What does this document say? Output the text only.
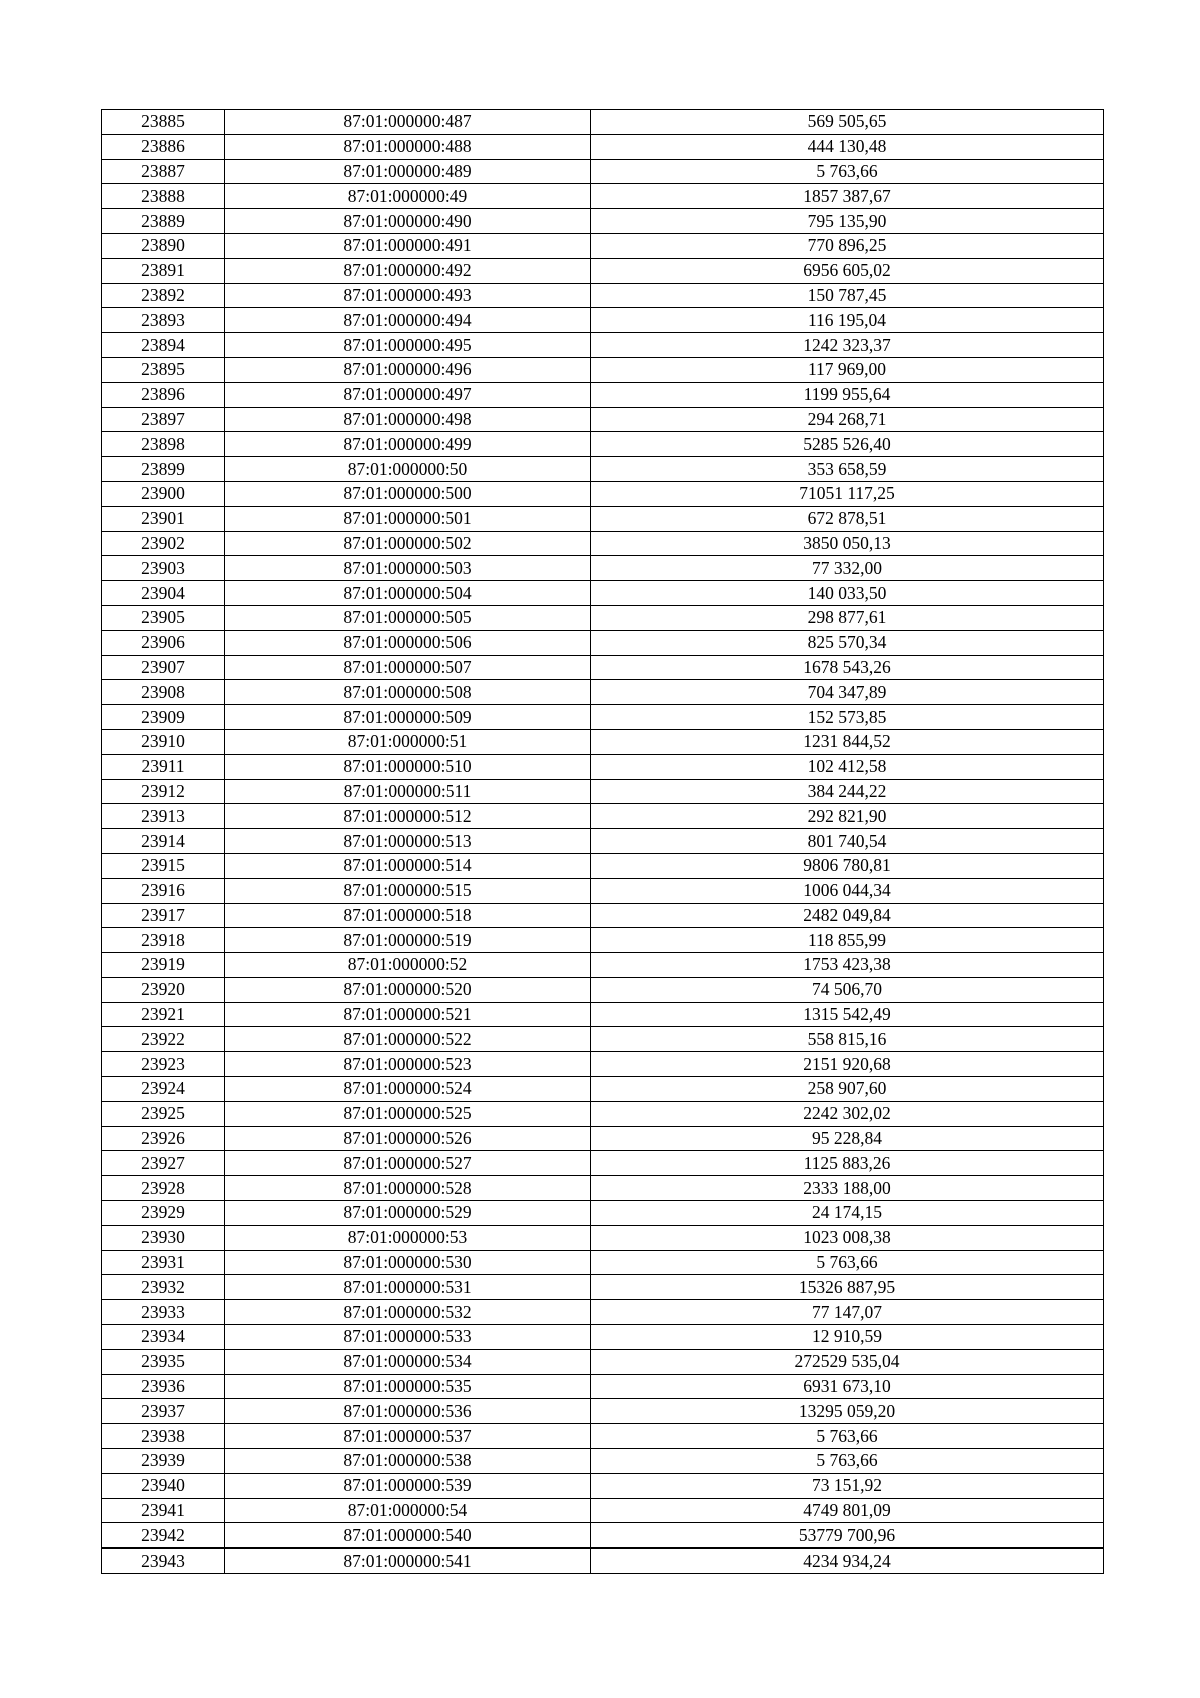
23885	87:01:000000:487	569 505,65
23886	87:01:000000:488	444 130,48
23887	87:01:000000:489	5 763,66
23888	87:01:000000:49	1857 387,67
23889	87:01:000000:490	795 135,90
23890	87:01:000000:491	770 896,25
23891	87:01:000000:492	6956 605,02
23892	87:01:000000:493	150 787,45
23893	87:01:000000:494	116 195,04
23894	87:01:000000:495	1242 323,37
23895	87:01:000000:496	117 969,00
23896	87:01:000000:497	1199 955,64
23897	87:01:000000:498	294 268,71
23898	87:01:000000:499	5285 526,40
23899	87:01:000000:50	353 658,59
23900	87:01:000000:500	71051 117,25
23901	87:01:000000:501	672 878,51
23902	87:01:000000:502	3850 050,13
23903	87:01:000000:503	77 332,00
23904	87:01:000000:504	140 033,50
23905	87:01:000000:505	298 877,61
23906	87:01:000000:506	825 570,34
23907	87:01:000000:507	1678 543,26
23908	87:01:000000:508	704 347,89
23909	87:01:000000:509	152 573,85
23910	87:01:000000:51	1231 844,52
23911	87:01:000000:510	102 412,58
23912	87:01:000000:511	384 244,22
23913	87:01:000000:512	292 821,90
23914	87:01:000000:513	801 740,54
23915	87:01:000000:514	9806 780,81
23916	87:01:000000:515	1006 044,34
23917	87:01:000000:518	2482 049,84
23918	87:01:000000:519	118 855,99
23919	87:01:000000:52	1753 423,38
23920	87:01:000000:520	74 506,70
23921	87:01:000000:521	1315 542,49
23922	87:01:000000:522	558 815,16
23923	87:01:000000:523	2151 920,68
23924	87:01:000000:524	258 907,60
23925	87:01:000000:525	2242 302,02
23926	87:01:000000:526	95 228,84
23927	87:01:000000:527	1125 883,26
23928	87:01:000000:528	2333 188,00
23929	87:01:000000:529	24 174,15
23930	87:01:000000:53	1023 008,38
23931	87:01:000000:530	5 763,66
23932	87:01:000000:531	15326 887,95
23933	87:01:000000:532	77 147,07
23934	87:01:000000:533	12 910,59
23935	87:01:000000:534	272529 535,04
23936	87:01:000000:535	6931 673,10
23937	87:01:000000:536	13295 059,20
23938	87:01:000000:537	5 763,66
23939	87:01:000000:538	5 763,66
23940	87:01:000000:539	73 151,92
23941	87:01:000000:54	4749 801,09
23942	87:01:000000:540	53779 700,96
23943	87:01:000000:541	4234 934,24
